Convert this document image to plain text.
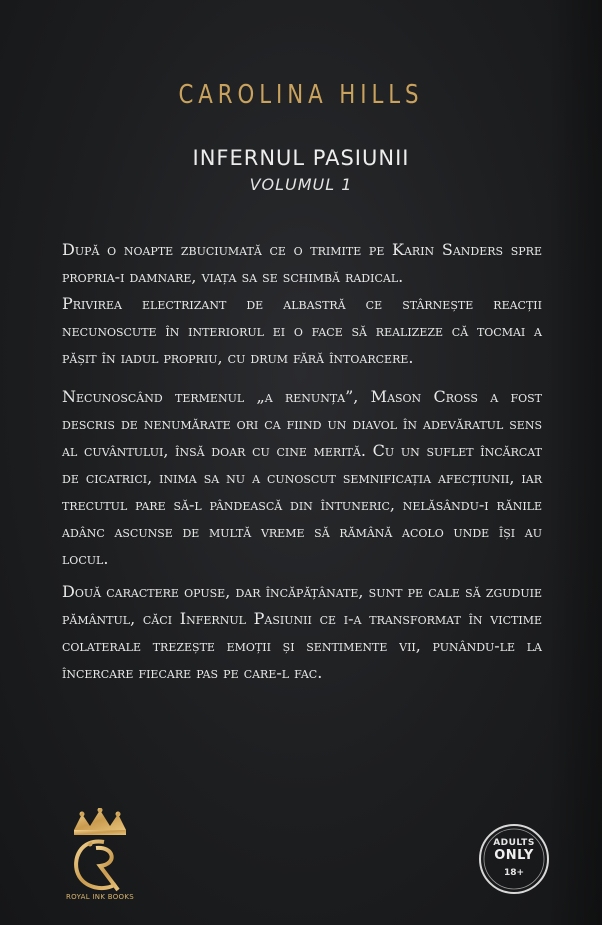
CAROLINA HILLS
INFERNUL PASIUNII
VOLUMUL 1

După o noapte zbuciumată ce o trimite pe Karin Sanders spre propria-i damnare, viața sa se schimbă radical.

Privirea electrizant de albastră ce stârnește reacții necunoscute în interiorul ei o face să realizeze că tocmai a pășit în iadul propriu, cu drum fără întoarcere.

Necunoscând termenul „a renunța”, Mason Cross a fost descris de nenumărate ori ca fiind un diavol în adevăratul sens al cuvântului, însă doar cu cine merită. Cu un suflet încărcat de cicatrici, inima sa nu a cunoscut semnificația afecțiunii, iar trecutul pare să-l pândească din întuneric, nelăsându-i rănile adânc ascunse de multă vreme să rămână acolo unde își au locul.

Două caractere opuse, dar încăpățânate, sunt pe cale să zguduie pământul, căci Infernul Pasiunii ce i-a transformat în victime colaterale trezește emoții și sentimente vii, punându-le la încercare fiecare pas pe care-l fac.

ROYAL INK BOOKS
ADULTS
ONLY
18+
